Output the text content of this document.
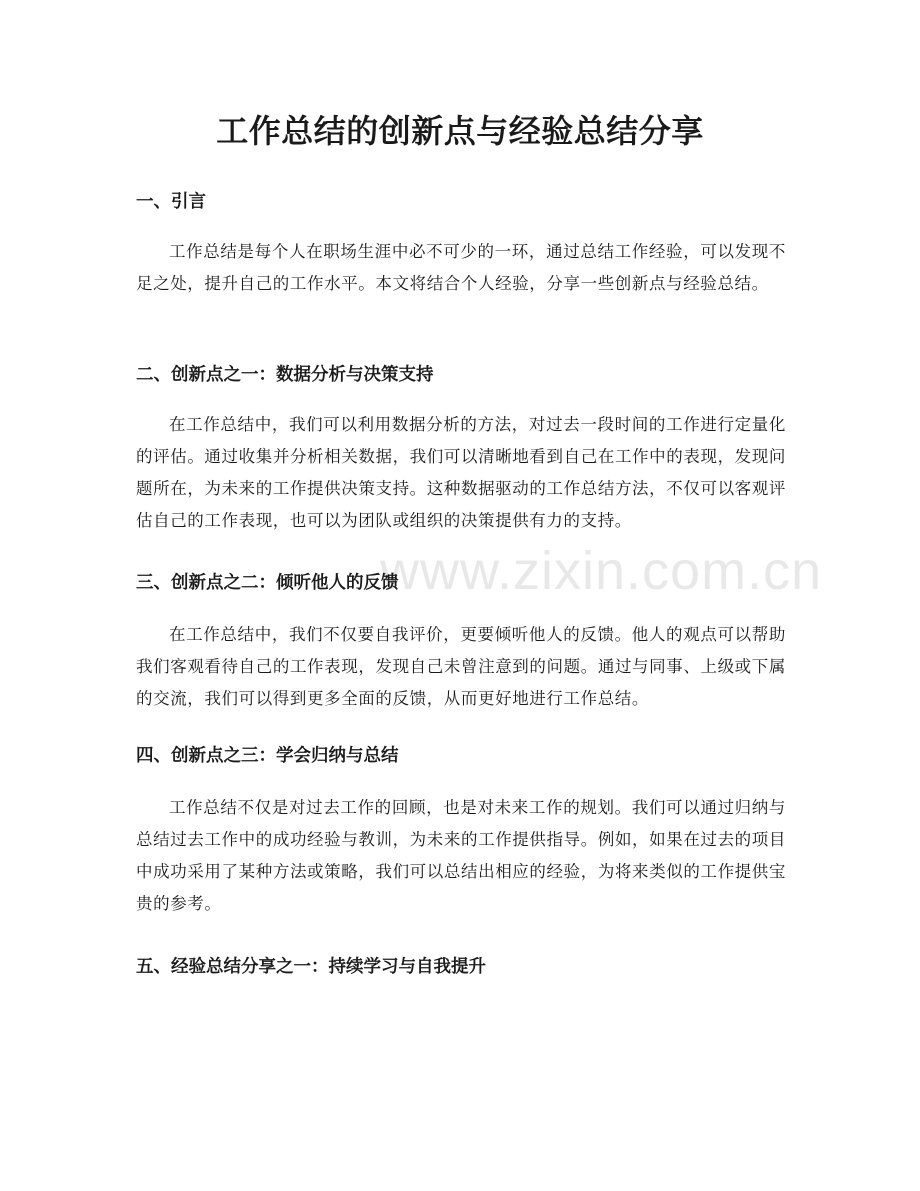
工作总结的创新点与经验总结分享
一、引言

工作总结是每个人在职场生涯中必不可少的一环，通过总结工作经验，可以发现不足之处，提升自己的工作水平。本文将结合个人经验，分享一些创新点与经验总结。

二、创新点之一：数据分析与决策支持

在工作总结中，我们可以利用数据分析的方法，对过去一段时间的工作进行定量化的评估。通过收集并分析相关数据，我们可以清晰地看到自己在工作中的表现，发现问题所在，为未来的工作提供决策支持。这种数据驱动的工作总结方法，不仅可以客观评估自己的工作表现，也可以为团队或组织的决策提供有力的支持。

www.zixin.com.cn
三、创新点之二：倾听他人的反馈

在工作总结中，我们不仅要自我评价，更要倾听他人的反馈。他人的观点可以帮助我们客观看待自己的工作表现，发现自己未曾注意到的问题。通过与同事、上级或下属的交流，我们可以得到更多全面的反馈，从而更好地进行工作总结。

四、创新点之三：学会归纳与总结

工作总结不仅是对过去工作的回顾，也是对未来工作的规划。我们可以通过归纳与总结过去工作中的成功经验与教训，为未来的工作提供指导。例如，如果在过去的项目中成功采用了某种方法或策略，我们可以总结出相应的经验，为将来类似的工作提供宝贵的参考。

五、经验总结分享之一：持续学习与自我提升
